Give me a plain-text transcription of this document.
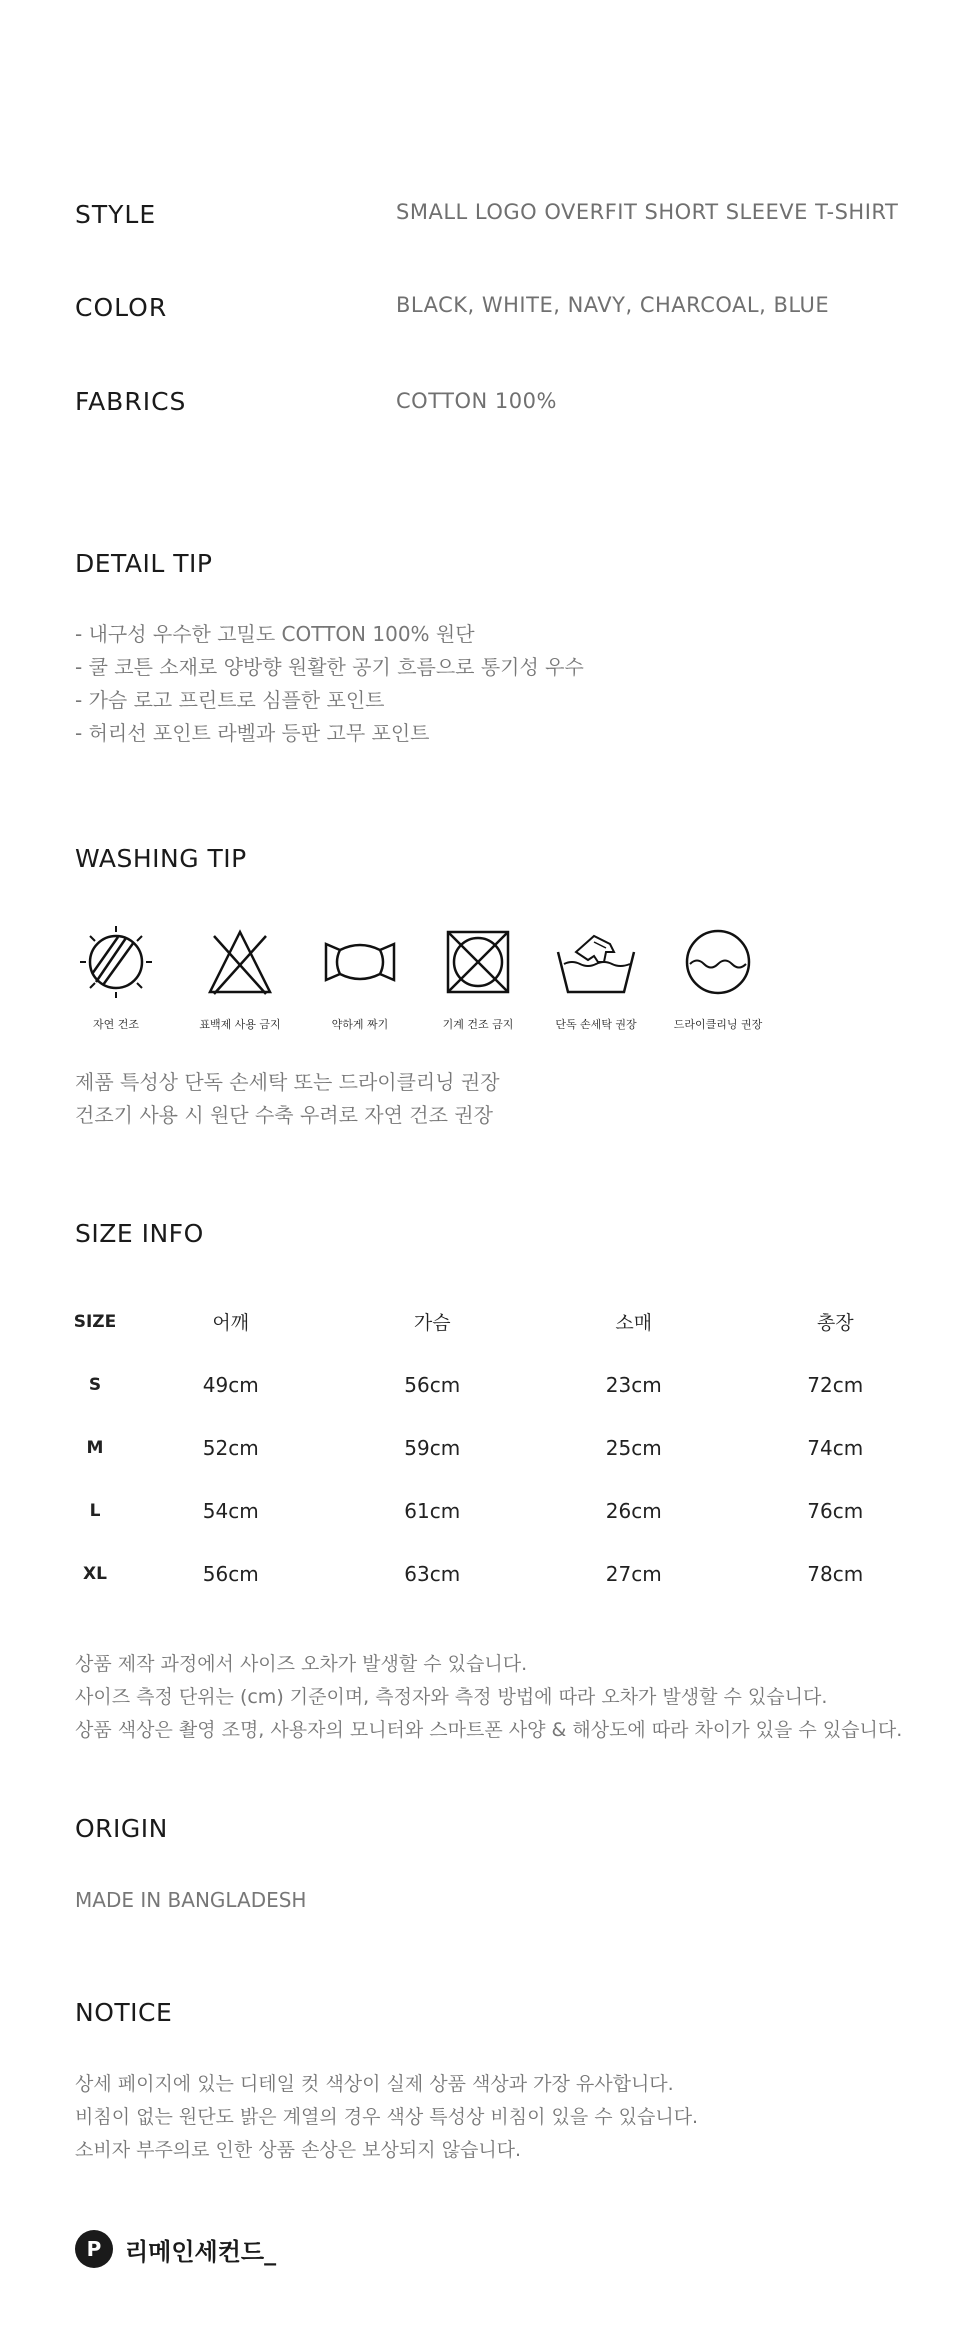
STYLE	SMALL LOGO OVERFIT SHORT SLEEVE T-SHIRT
COLOR	BLACK, WHITE, NAVY, CHARCOAL, BLUE
FABRICS	COTTON 100%
DETAIL TIP
- 내구성 우수한 고밀도 COTTON 100% 원단
- 쿨 코튼 소재로 양방향 원활한 공기 흐름으로 통기성 우수
- 가슴 로고 프린트로 심플한 포인트
- 허리선 포인트 라벨과 등판 고무 포인트
WASHING TIP
자연 건조	표백제 사용 금지	약하게 짜기	기계 건조 금지	단독 손세탁 권장	드라이클리닝 권장
제품 특성상 단독 손세탁 또는 드라이클리닝 권장
건조기 사용 시 원단 수축 우려로 자연 건조 권장
SIZE INFO
SIZE	어깨	가슴	소매	총장
S	49cm	56cm	23cm	72cm
M	52cm	59cm	25cm	74cm
L	54cm	61cm	26cm	76cm
XL	56cm	63cm	27cm	78cm
상품 제작 과정에서 사이즈 오차가 발생할 수 있습니다.
사이즈 측정 단위는 (cm) 기준이며, 측정자와 측정 방법에 따라 오차가 발생할 수 있습니다.
상품 색상은 촬영 조명, 사용자의 모니터와 스마트폰 사양 & 해상도에 따라 차이가 있을 수 있습니다.
ORIGIN
MADE IN BANGLADESH
NOTICE
상세 페이지에 있는 디테일 컷 색상이 실제 상품 색상과 가장 유사합니다.
비침이 없는 원단도 밝은 계열의 경우 색상 특성상 비침이 있을 수 있습니다.
소비자 부주의로 인한 상품 손상은 보상되지 않습니다.
P 리메인세컨드_
